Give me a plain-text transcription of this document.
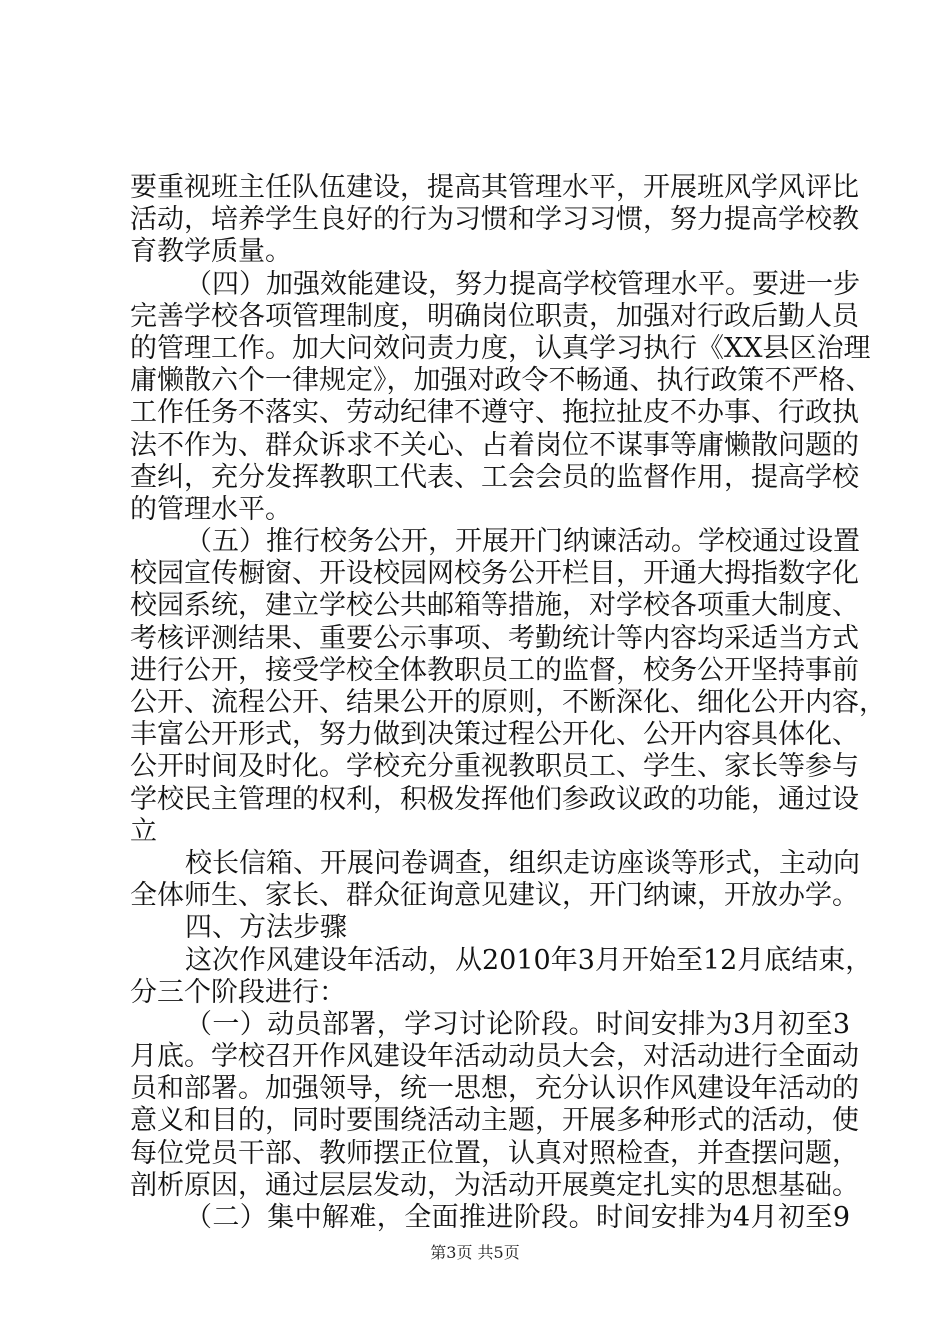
要重视班主任队伍建设，提高其管理水平，开展班风学风评比
活动，培养学生良好的行为习惯和学习习惯，努力提高学校教
育教学质量。
（四）加强效能建设，努力提高学校管理水平。要进一步
完善学校各项管理制度，明确岗位职责，加强对行政后勤人员
的管理工作。加大问效问责力度，认真学习执行《XX县区治理
庸懒散六个一律规定》，加强对政令不畅通、执行政策不严格、
工作任务不落实、劳动纪律不遵守、拖拉扯皮不办事、行政执
法不作为、群众诉求不关心、占着岗位不谋事等庸懒散问题的
查纠，充分发挥教职工代表、工会会员的监督作用，提高学校
的管理水平。
（五）推行校务公开，开展开门纳谏活动。学校通过设置
校园宣传橱窗、开设校园网校务公开栏目，开通大拇指数字化
校园系统，建立学校公共邮箱等措施，对学校各项重大制度、
考核评测结果、重要公示事项、考勤统计等内容均采适当方式
进行公开，接受学校全体教职员工的监督，校务公开坚持事前
公开、流程公开、结果公开的原则，不断深化、细化公开内容，
丰富公开形式，努力做到决策过程公开化、公开内容具体化、
公开时间及时化。学校充分重视教职员工、学生、家长等参与
学校民主管理的权利，积极发挥他们参政议政的功能，通过设
立
校长信箱、开展问卷调查，组织走访座谈等形式，主动向
全体师生、家长、群众征询意见建议，开门纳谏，开放办学。
四、方法步骤
这次作风建设年活动，从2010年3月开始至12月底结束，
分三个阶段进行：
（一）动员部署，学习讨论阶段。时间安排为3月初至3
月底。学校召开作风建设年活动动员大会，对活动进行全面动
员和部署。加强领导，统一思想，充分认识作风建设年活动的
意义和目的，同时要围绕活动主题，开展多种形式的活动，使
每位党员干部、教师摆正位置，认真对照检查，并查摆问题，
剖析原因，通过层层发动，为活动开展奠定扎实的思想基础。
（二）集中解难，全面推进阶段。时间安排为4月初至9
第3页 共5页
